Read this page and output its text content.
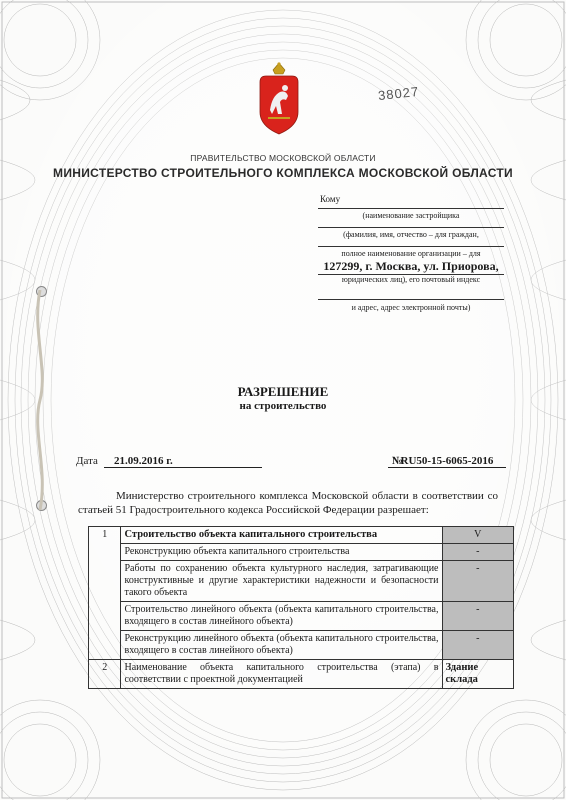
38027
ПРАВИТЕЛЬСТВО МОСКОВСКОЙ ОБЛАСТИ
МИНИСТЕРСТВО СТРОИТЕЛЬНОГО КОМПЛЕКСА МОСКОВСКОЙ ОБЛАСТИ
Кому
(наименование застройщика
(фамилия, имя, отчество – для граждан,
полное наименование организации – для
127299, г. Москва, ул. Приорова,
юридических лиц), его почтовый индекс
и адрес, адрес электронной почты)
РАЗРЕШЕНИЕ
на строительство
Дата	21.09.2016 г.	№
RU50-15-6065-2016
Министерство строительного комплекса Московской области в соответствии со статьей 51 Градостроительного кодекса Российской Федерации разрешает:
1	Строительство объекта капитального строительства	V
	Реконструкцию объекта капитального строительства	-
	Работы по сохранению объекта культурного наследия, затрагивающие конструктивные и другие характеристики надежности и безопасности такого объекта	-
	Строительство линейного объекта (объекта капитального строительства, входящего в состав линейного объекта)	-
	Реконструкцию линейного объекта (объекта капитального строительства, входящего в состав линейного объекта)	-
2	Наименование объекта капитального строительства (этапа) в соответствии с проектной документацией	Здание склада
